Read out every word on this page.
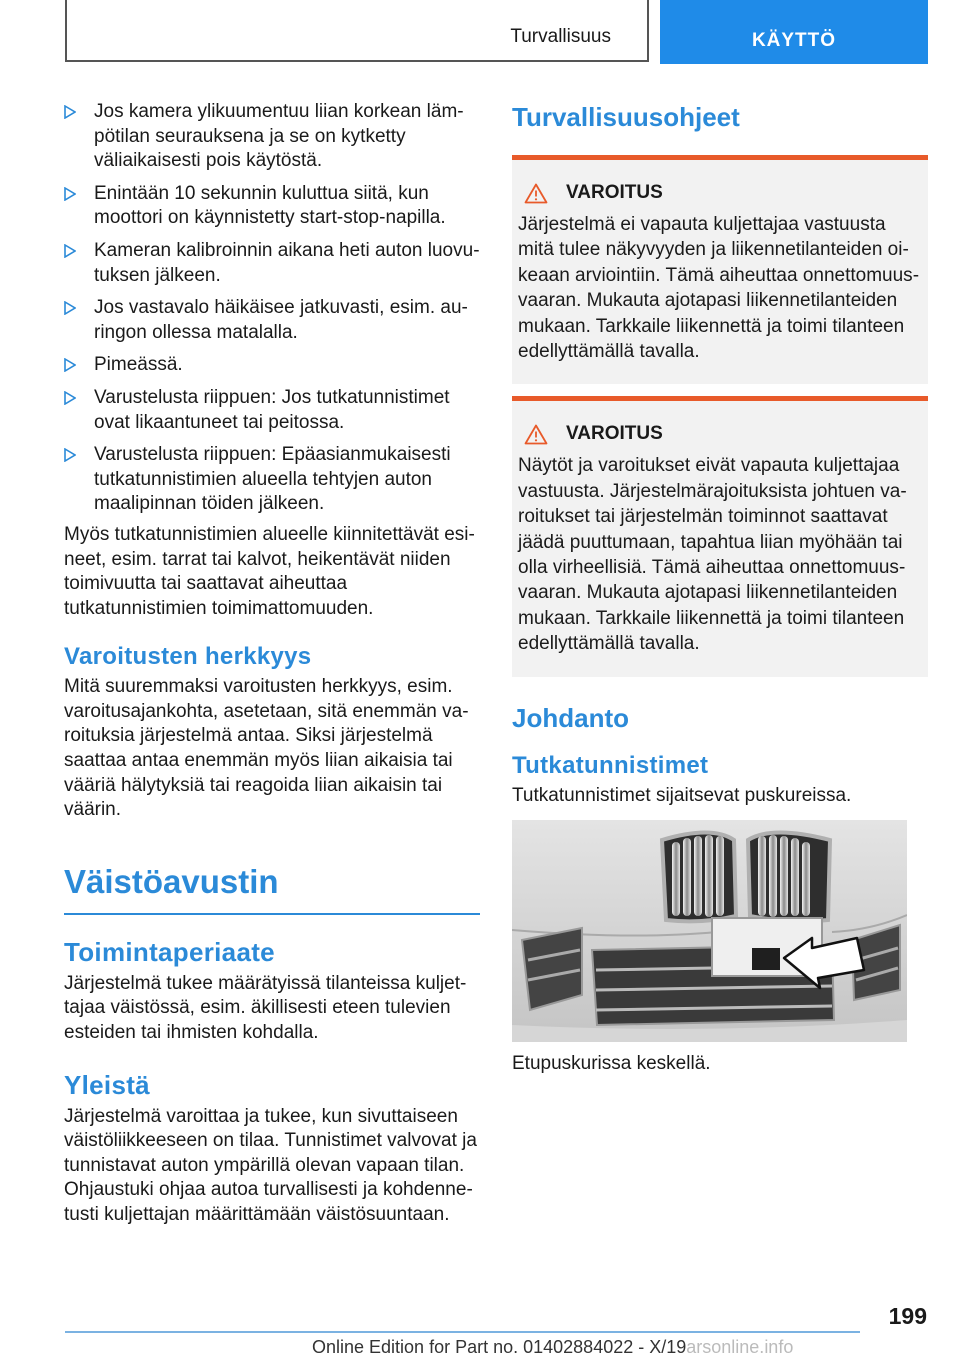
Turvallisuus	KÄYTTÖ
Jos kamera ylikuumentuu liian korkean lämpötilan seurauksena ja se on kytketty väliaikaisesti pois käytöstä.
Enintään 10 sekunnin kuluttua siitä, kun moottori on käynnistetty start-stop-napilla.
Kameran kalibroinnin aikana heti auton luovutuksen jälkeen.
Jos vastavalo häikäisee jatkuvasti, esim. auringon ollessa matalalla.
Pimeässä.
Varustelusta riippuen: Jos tutkatunnistimet ovat likaantuneet tai peitossa.
Varustelusta riippuen: Epäasianmukaisesti tutkatunnistimien alueella tehtyjen auton maalipinnan töiden jälkeen.

Myös tutkatunnistimien alueelle kiinnitettävät esineet, esim. tarrat tai kalvot, heikentävät niiden toimivuutta tai saattavat aiheuttaa tutkatunnistimien toimimattomuuden.

Varoitusten herkkyys

Mitä suuremmaksi varoitusten herkkyys, esim. varoitusajankohta, asetetaan, sitä enemmän varoituksia järjestelmä antaa. Siksi järjestelmä saattaa antaa enemmän myös liian aikaisia tai vääriä hälytyksiä tai reagoida liian aikaisin tai väärin.

Väistöavustin
Toimintaperiaate

Järjestelmä tukee määrätyissä tilanteissa kuljettajaa väistössä, esim. äkillisesti eteen tulevien esteiden tai ihmisten kohdalla.

Yleistä

Järjestelmä varoittaa ja tukee, kun sivuttaiseen väistöliikkeeseen on tilaa. Tunnistimet valvovat ja tunnistavat auton ympärillä olevan vapaan tilan. Ohjaustuki ohjaa autoa turvallisesti ja kohdennetusti kuljettajan määrittämään väistösuuntaan.

Turvallisuusohjeet
VAROITUS

Järjestelmä ei vapauta kuljettajaa vastuusta mitä tulee näkyvyyden ja liikennetilanteiden oikeaan arviointiin. Tämä aiheuttaa onnettomuusvaaran. Mukauta ajotapasi liikennetilanteiden mukaan. Tarkkaile liikennettä ja toimi tilanteen edellyttämällä tavalla.

VAROITUS

Näytöt ja varoitukset eivät vapauta kuljettajaa vastuusta. Järjestelmärajoituksista johtuen varoitukset tai järjestelmän toiminnot saattavat jäädä puuttumaan, tapahtua liian myöhään tai olla virheellisiä. Tämä aiheuttaa onnettomuusvaaran. Mukauta ajotapasi liikennetilanteiden mukaan. Tarkkaile liikennettä ja toimi tilanteen edellyttämällä tavalla.

Johdanto
Tutkatunnistimet

Tutkatunnistimet sijaitsevat puskureissa.

Etupuskurissa keskellä.

199
Online Edition for Part no. 01402884022 - X/19arsonline.info
